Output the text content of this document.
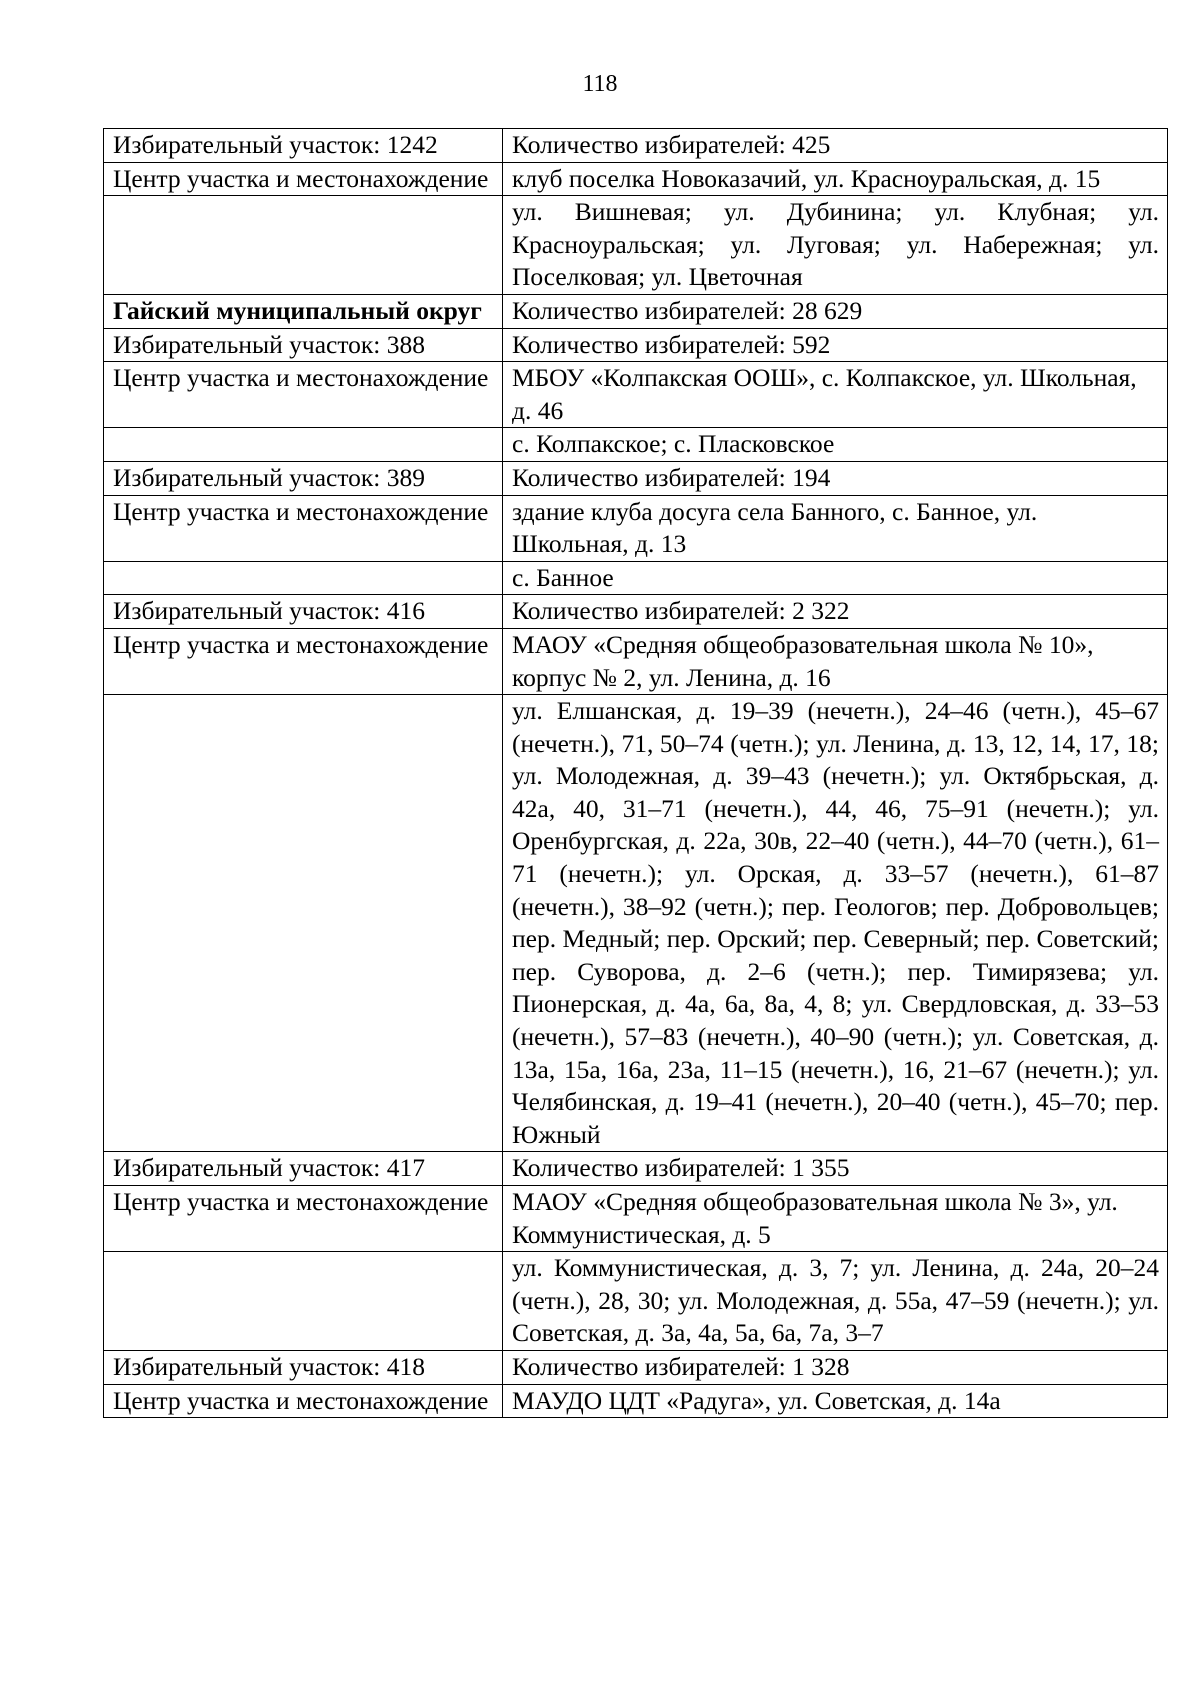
118
Избирательный участок: 1242	Количество избирателей: 425
Центр участка и местонахождение	клуб поселка Новоказачий, ул. Красноуральская, д. 15
	ул. Вишневая; ул. Дубинина; ул. Клубная; ул. Красноуральская; ул. Луговая; ул. Набережная; ул. Поселковая; ул. Цветочная
Гайский муниципальный округ	Количество избирателей: 28 629
Избирательный участок: 388	Количество избирателей: 592
Центр участка и местонахождение	МБОУ «Колпакская ООШ», с. Колпакское, ул. Школьная, д. 46
	с. Колпакское; с. Пласковское
Избирательный участок: 389	Количество избирателей: 194
Центр участка и местонахождение	здание клуба досуга села Банного, с. Банное, ул. Школьная, д. 13
	с. Банное
Избирательный участок: 416	Количество избирателей: 2 322
Центр участка и местонахождение	МАОУ «Средняя общеобразовательная школа № 10», корпус № 2, ул. Ленина, д. 16
	ул. Елшанская, д. 19–39 (нечетн.), 24–46 (четн.), 45–67 (нечетн.), 71, 50–74 (четн.); ул. Ленина, д. 13, 12, 14, 17, 18; ул. Молодежная, д. 39–43 (нечетн.); ул. Октябрьская, д. 42а, 40, 31–71 (нечетн.), 44, 46, 75–91 (нечетн.); ул. Оренбургская, д. 22а, 30в, 22–40 (четн.), 44–70 (четн.), 61–71 (нечетн.); ул. Орская, д. 33–57 (нечетн.), 61–87 (нечетн.), 38–92 (четн.); пер. Геологов; пер. Добровольцев; пер. Медный; пер. Орский; пер. Северный; пер. Советский; пер. Суворова, д. 2–6 (четн.); пер. Тимирязева; ул. Пионерская, д. 4а, 6а, 8а, 4, 8; ул. Свердловская, д. 33–53 (нечетн.), 57–83 (нечетн.), 40–90 (четн.); ул. Советская, д. 13а, 15а, 16а, 23а, 11–15 (нечетн.), 16, 21–67 (нечетн.); ул. Челябинская, д. 19–41 (нечетн.), 20–40 (четн.), 45–70; пер. Южный
Избирательный участок: 417	Количество избирателей: 1 355
Центр участка и местонахождение	МАОУ «Средняя общеобразовательная школа № 3», ул. Коммунистическая, д. 5
	ул. Коммунистическая, д. 3, 7; ул. Ленина, д. 24а, 20–24 (четн.), 28, 30; ул. Молодежная, д. 55а, 47–59 (нечетн.); ул. Советская, д. 3а, 4а, 5а, 6а, 7а, 3–7
Избирательный участок: 418	Количество избирателей: 1 328
Центр участка и местонахождение	МАУДО ЦДТ «Радуга», ул. Советская, д. 14а
